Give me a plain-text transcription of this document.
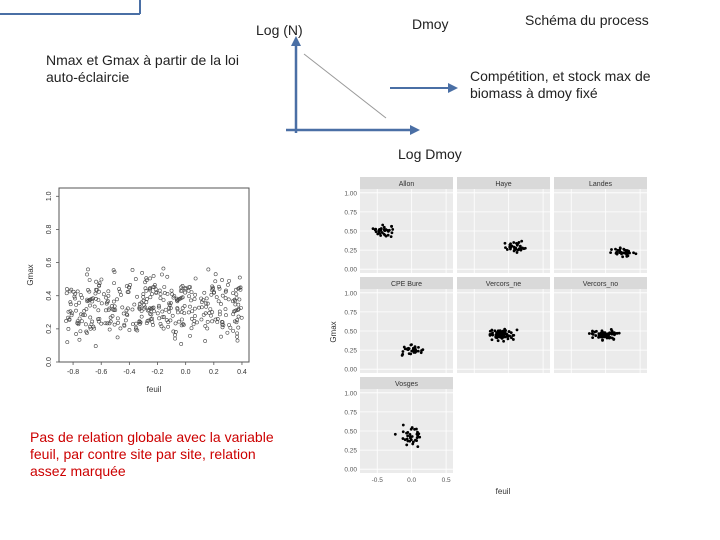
Schéma du process
Log (N)	Dmoy
Nmax et Gmax à partir de la loi auto-éclaircie	Compétition, et stock max de biomass à dmoy fixé
Log Dmoy
Pas de relation globale avec la variable feuil, par contre site par site, relation assez marquée
-0.8 -0.6 -0.4 -0.2 0.0	0.2	0.4
0.0
0.2
0.4
0.6
0.8
1.0
feuil
Gmax
Allon
0.00
0.25
0.50
0.75
1.00
Haye	Landes
CPE Bure
0.00
0.25
0.50
0.75
1.00
Vercors_ne	Vercors_no
Vosges
0.00
0.25
0.50
0.75
1.00
-0.5	0.0	0.5
feuil
Gmax
